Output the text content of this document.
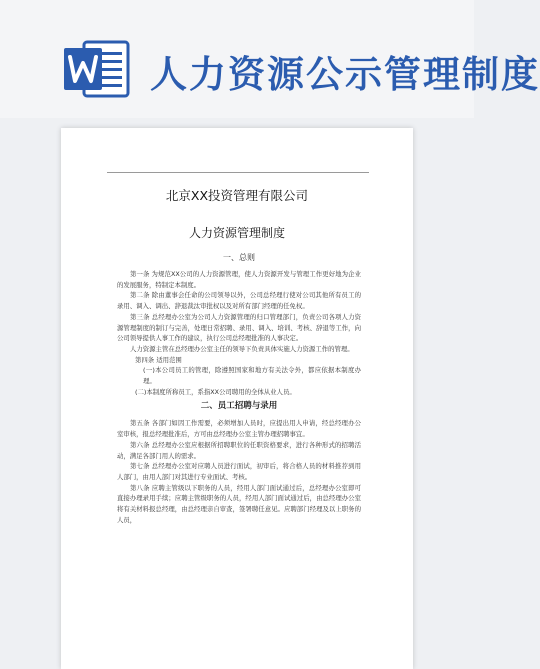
人力资源公示管理制度
北京XX投资管理有限公司
人力资源管理制度
一、总则

第一条 为规范XX公司的人力资源管理，使人力资源开发与管理工作更好地为企业的发展服务，特制定本制度。

第二条 除由董事会任命的公司领导以外，公司总经理行使对公司其他所有员工的录用、调入、调出、辞退裁汰审批权以及对所有部门经理的任免权。

第三条 总经理办公室为公司人力资源管理的归口管理部门，负责公司各项人力资源管理制度的制订与完善，处理日常招聘、录用、调入、培训、考核、辞退等工作，向公司领导提供人事工作的建议，执行公司总经理批准的人事决定。

人力资源主管在总经理办公室主任的领导下负责具体实施人力资源工作的管理。

第四条 适用范围

(一)本公司员工的管理，除遵照国家和地方有关法令外，都应依据本制度办理。

(二)本制度所称员工，系指XX公司聘用的全体从业人员。

二、员工招聘与录用

第五条 各部门如因工作需要，必须增加人员时，应提出用人申请，经总经理办公室审核，报总经理批准后，方可由总经理办公室主管办理招聘事宜。

第六条 总经理办公室应根据所招聘职位的任职资格要求，进行各种形式的招聘活动，满足各部门用人的需求。

第七条 总经理办公室对应聘人员进行面试，初审后，将合格人员的材料推荐到用人部门，由用人部门对其进行专业面试、考核。

第八条 应聘主管级以下职务的人员，经用人部门面试通过后，总经理办公室即可直接办理录用手续；应聘主管级职务的人员，经用人部门面试通过后，由总经理办公室将有关材料报总经理，由总经理亲自审查，签署聘任意见。应聘部门经理及以上职务的人员，
